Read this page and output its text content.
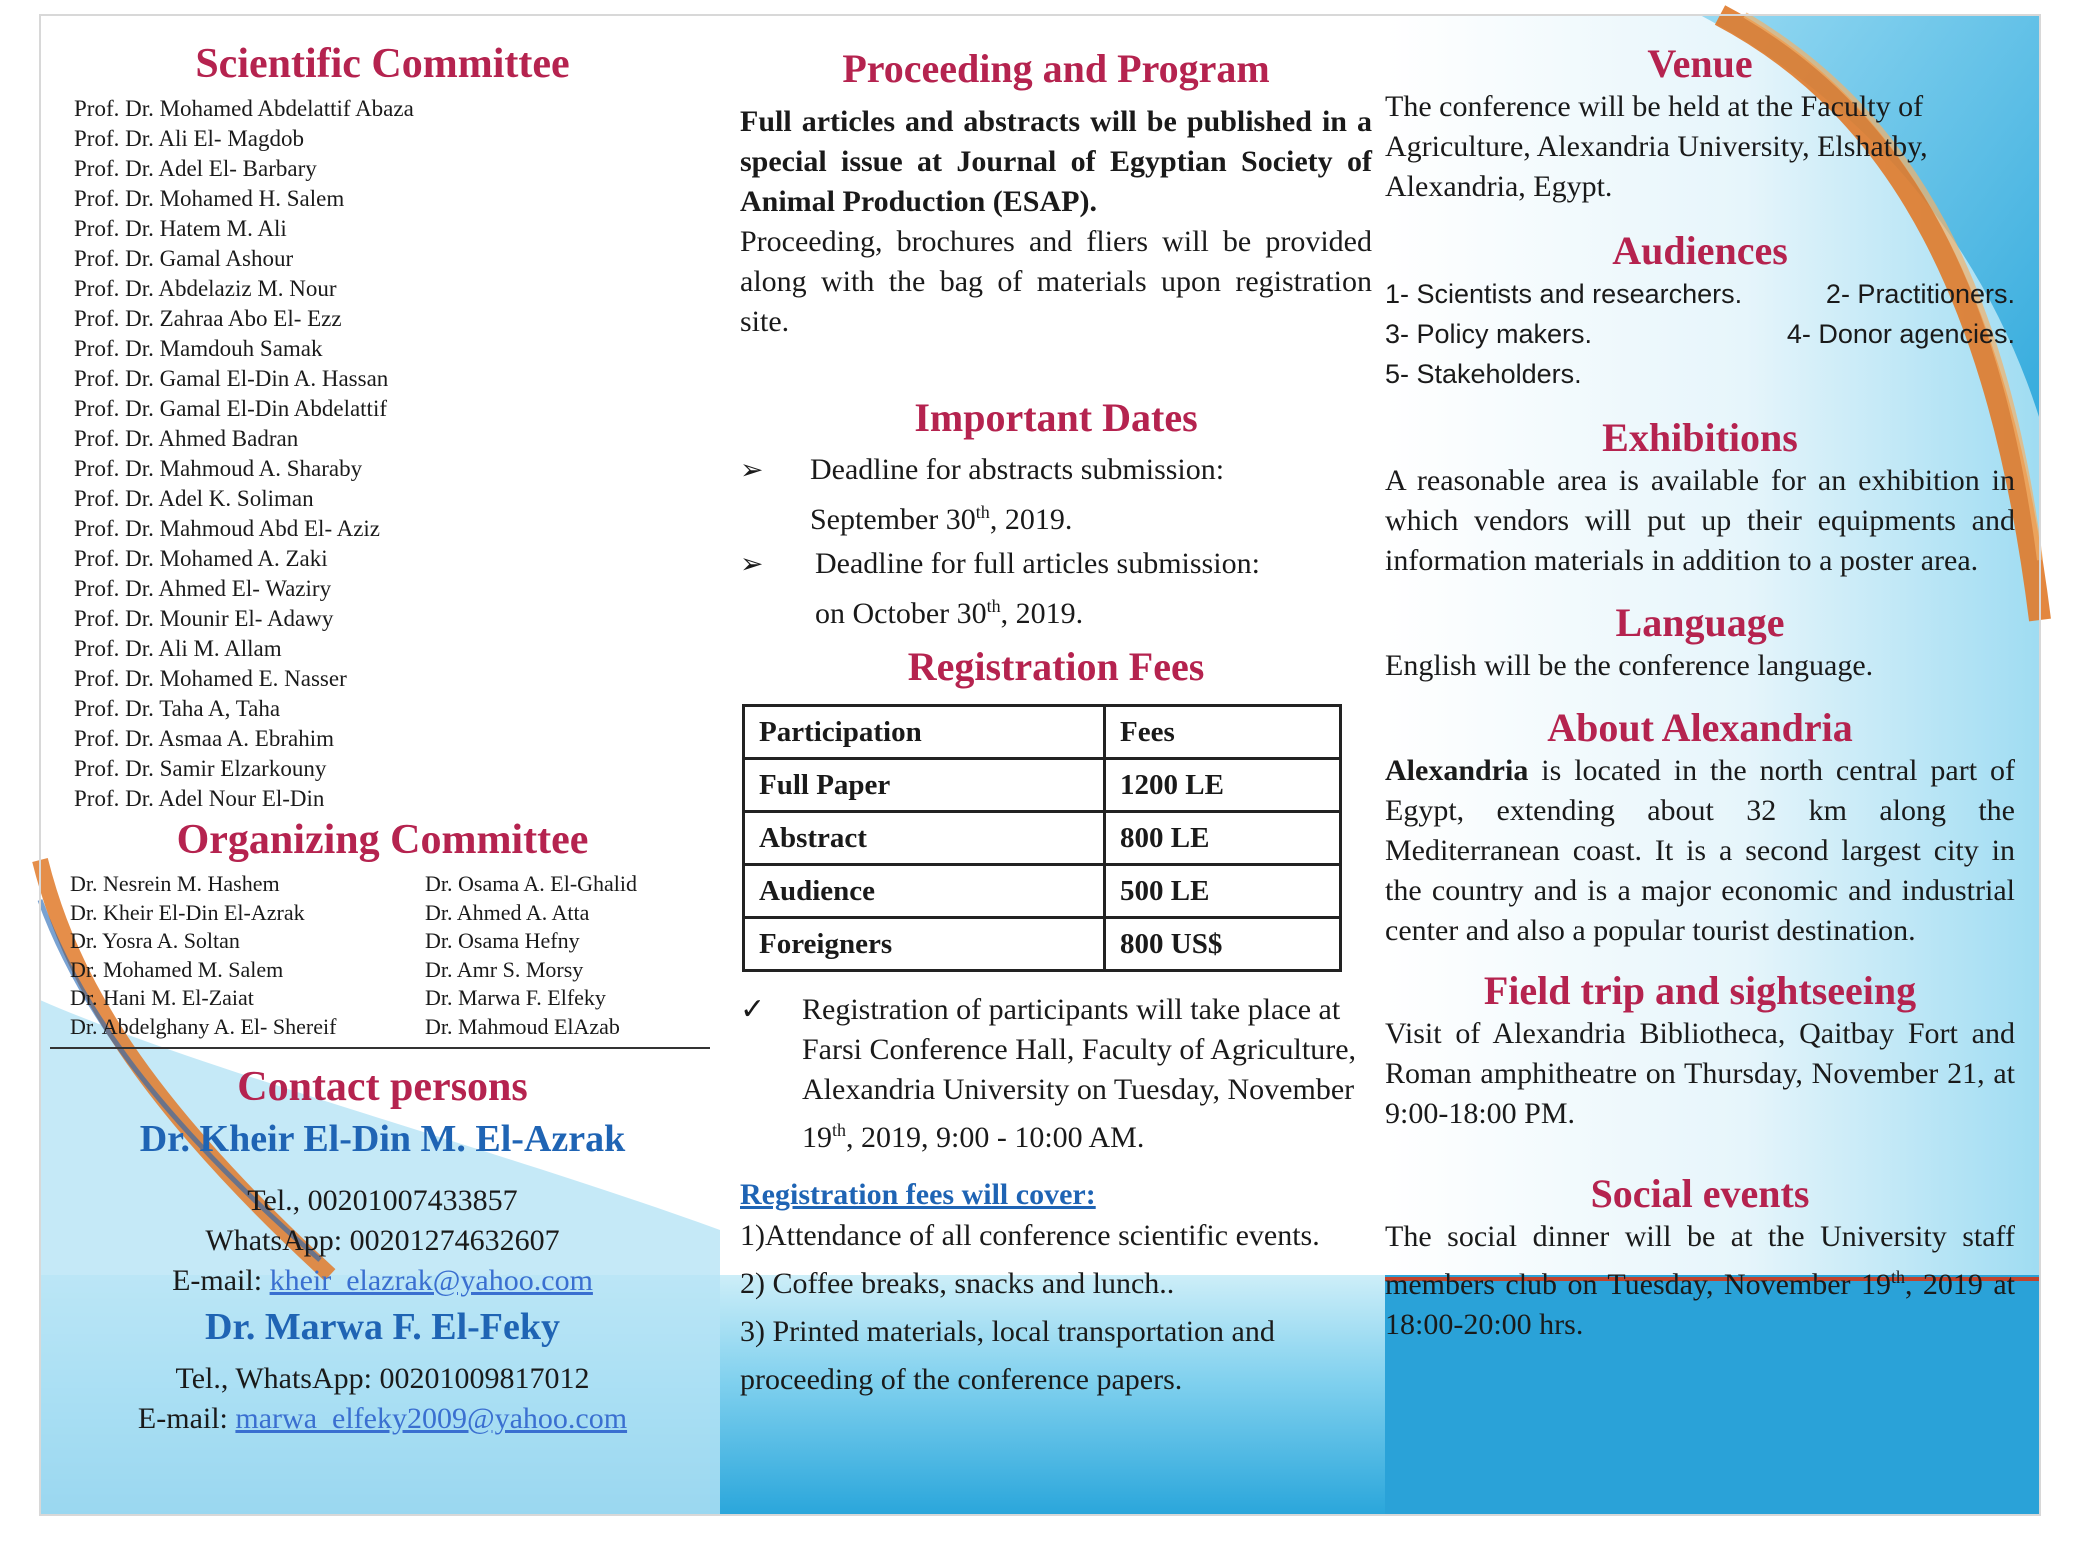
Scientific Committee
Prof. Dr. Mohamed Abdelattif Abaza
Prof. Dr. Ali El- Magdob
Prof. Dr. Adel El- Barbary
Prof. Dr. Mohamed H. Salem
Prof. Dr. Hatem M. Ali
Prof. Dr. Gamal Ashour
Prof. Dr. Abdelaziz M. Nour
Prof. Dr. Zahraa Abo El- Ezz
Prof. Dr. Mamdouh Samak
Prof. Dr. Gamal El-Din A. Hassan
Prof. Dr. Gamal El-Din Abdelattif
Prof. Dr. Ahmed Badran
Prof. Dr. Mahmoud A. Sharaby
Prof. Dr. Adel K. Soliman
Prof. Dr. Mahmoud Abd El- Aziz
Prof. Dr. Mohamed A. Zaki
Prof. Dr. Ahmed El- Waziry
Prof. Dr. Mounir El- Adawy
Prof. Dr. Ali M. Allam
Prof. Dr. Mohamed E. Nasser
Prof. Dr. Taha A, Taha
Prof. Dr. Asmaa A. Ebrahim
Prof. Dr. Samir Elzarkouny
Prof. Dr. Adel Nour El-Din
Organizing Committee
Dr. Nesrein M. Hashem	Dr. Osama A. El-Ghalid
Dr. Kheir El-Din El-Azrak	Dr. Ahmed A. Atta
Dr. Yosra A. Soltan	Dr. Osama Hefny
Dr. Mohamed M. Salem	Dr. Amr S. Morsy
Dr. Hani M. El-Zaiat	Dr. Marwa F. Elfeky
Dr. Abdelghany A. El- Shereif	Dr. Mahmoud ElAzab
Contact persons
Dr. Kheir El-Din M. El-Azrak
Tel., 00201007433857
WhatsApp: 00201274632607
E-mail: kheir_elazrak@yahoo.com
Dr. Marwa F. El-Feky
Tel., WhatsApp: 00201009817012
E-mail: marwa_elfeky2009@yahoo.com
Proceeding and Program

Full articles and abstracts will be published in a special issue at Journal of Egyptian Society of Animal Production (ESAP).

Proceeding, brochures and fliers will be provided along with the bag of materials upon registration site.

Important Dates
➢ Deadline for abstracts submission:
September 30th, 2019.
➢ Deadline for full articles submission:
on October 30th, 2019.
Registration Fees
Participation	Fees
Full Paper	1200 LE
Abstract	800 LE
Audience	500 LE
Foreigners	800 US$
✓ Registration of participants will take place at Farsi Conference Hall, Faculty of Agriculture, Alexandria University on Tuesday, November 19th, 2019, 9:00 - 10:00 AM.
Registration fees will cover:
1)Attendance of all conference scientific events.
2) Coffee breaks, snacks and lunch..
3) Printed materials, local transportation and proceeding of the conference papers.
Venue

The conference will be held at the Faculty of Agriculture, Alexandria University, Elshatby, Alexandria, Egypt.

Audiences
1- Scientists and researchers.	2- Practitioners.
3- Policy makers.	4- Donor agencies.
5- Stakeholders.
Exhibitions

A reasonable area is available for an exhibition in which vendors will put up their equipments and information materials in addition to a poster area.

Language

English will be the conference language.

About Alexandria

Alexandria is located in the north central part of Egypt, extending about 32 km along the Mediterranean coast. It is a second largest city in the country and is a major economic and industrial center and also a popular tourist destination.

Field trip and sightseeing

Visit of Alexandria Bibliotheca, Qaitbay Fort and Roman amphitheatre on Thursday, November 21, at 9:00-18:00 PM.

Social events

The social dinner will be at the University staff members club on Tuesday, November 19th, 2019 at 18:00-20:00 hrs.
